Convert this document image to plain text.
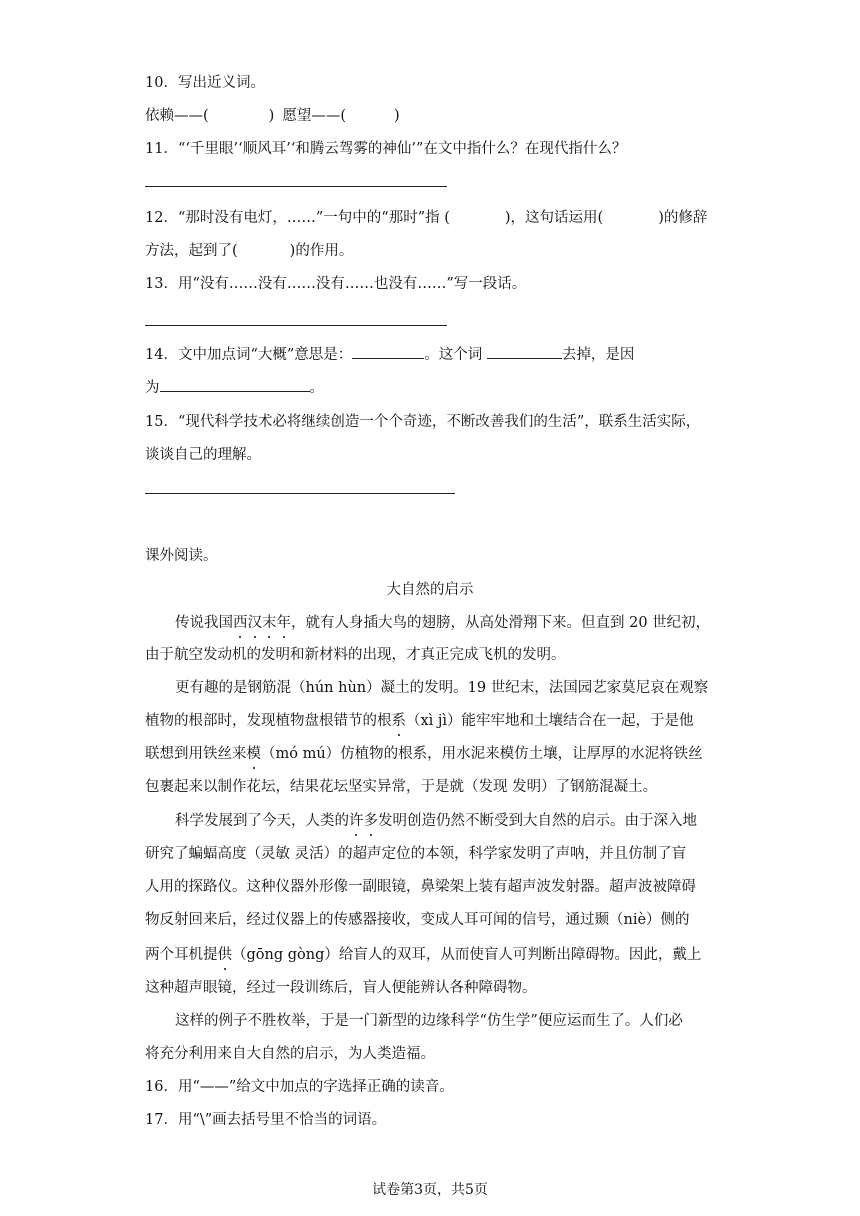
10．写出近义词。
依赖——(	) 愿望——(	)
11．“‘千里眼’‘顺风耳’‘和腾云驾雾的神仙’”在文中指什么？在现代指什么？
12．“那时没有电灯，……”一句中的“那时”指 (	)，这句话运用(	)的修辞
方法，起到了(	)的作用。
13．用“没有……没有……没有……也没有……”写一段话。
14．文中加点词“大概”意思是：	。这个词	去掉，是因
为	。
15．“现代科学技术必将继续创造一个个奇迹，不断改善我们的生活”，联系生活实际，
谈谈自己的理解。
课外阅读。
大自然的启示
传说我国西汉末年，就有人身插大鸟的翅膀，从高处滑翔下来。但直到 20 世纪初，
由于航空发动机的发明和新材料的出现，才真正完成飞机的发明。
更有趣的是钢筋混（hún hùn）凝土的发明。19 世纪末，法国园艺家莫尼哀在观察
植物的根部时，发现植物盘根错节的根系（xì jì）能牢牢地和土壤结合在一起，于是他
联想到用铁丝来模（mó mú）仿植物的根系，用水泥来模仿土壤，让厚厚的水泥将铁丝
包裹起来以制作花坛，结果花坛坚实异常，于是就（发现 发明）了钢筋混凝土。
科学发展到了今天，人类的许多发明创造仍然不断受到大自然的启示。由于深入地
研究了蝙蝠高度（灵敏 灵活）的超声定位的本领，科学家发明了声呐，并且仿制了盲
人用的探路仪。这种仪器外形像一副眼镜，鼻梁架上装有超声波发射器。超声波被障碍
物反射回来后，经过仪器上的传感器接收，变成人耳可闻的信号，通过颞（niè）侧的
两个耳机提供（gōng gòng）给盲人的双耳，从而使盲人可判断出障碍物。因此，戴上
这种超声眼镜，经过一段训练后，盲人便能辨认各种障碍物。
这样的例子不胜枚举，于是一门新型的边缘科学“仿生学”便应运而生了。人们必
将充分利用来自大自然的启示，为人类造福。
16．用“——”给文中加点的字选择正确的读音。
17．用“\”画去括号里不恰当的词语。
试卷第3页，共5页
